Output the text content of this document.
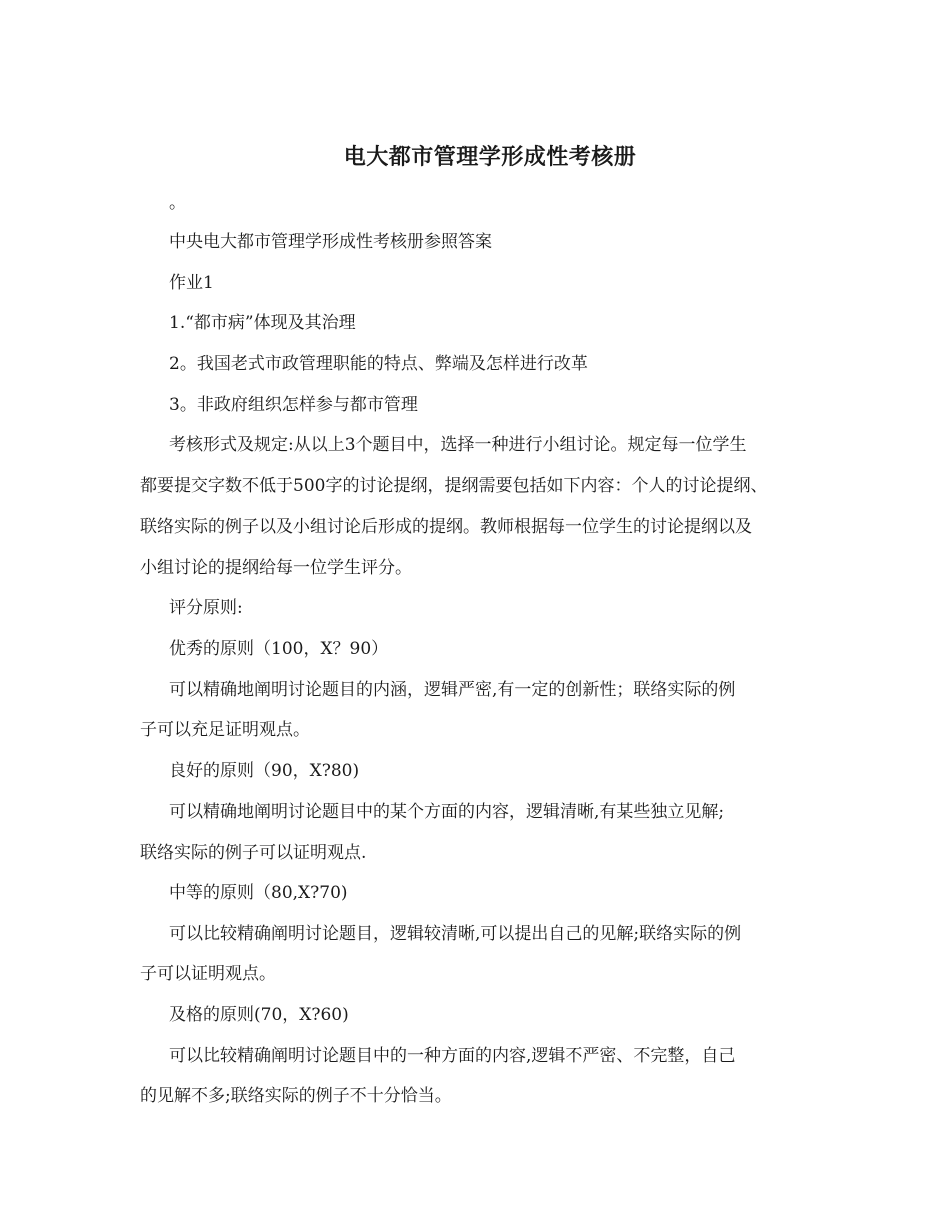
电大都市管理学形成性考核册
。
中央电大都市管理学形成性考核册参照答案
作业1
1.“都市病”体现及其治理
2。我国老式市政管理职能的特点、弊端及怎样进行改革
3。非政府组织怎样参与都市管理
考核形式及规定:从以上3个题目中，选择一种进行小组讨论。规定每一位学生
都要提交字数不低于500字的讨论提纲，提纲需要包括如下内容：个人的讨论提纲、
联络实际的例子以及小组讨论后形成的提纲。教师根据每一位学生的讨论提纲以及
小组讨论的提纲给每一位学生评分。
评分原则:
优秀的原则（100，X？90）
可以精确地阐明讨论题目的内涵，逻辑严密,有一定的创新性；联络实际的例
子可以充足证明观点。
良好的原则（90，X?80)
可以精确地阐明讨论题目中的某个方面的内容，逻辑清晰,有某些独立见解;
联络实际的例子可以证明观点.
中等的原则（80,X?70)
可以比较精确阐明讨论题目，逻辑较清晰,可以提出自己的见解;联络实际的例
子可以证明观点。
及格的原则(70，X?60)
可以比较精确阐明讨论题目中的一种方面的内容,逻辑不严密、不完整，自己
的见解不多;联络实际的例子不十分恰当。
